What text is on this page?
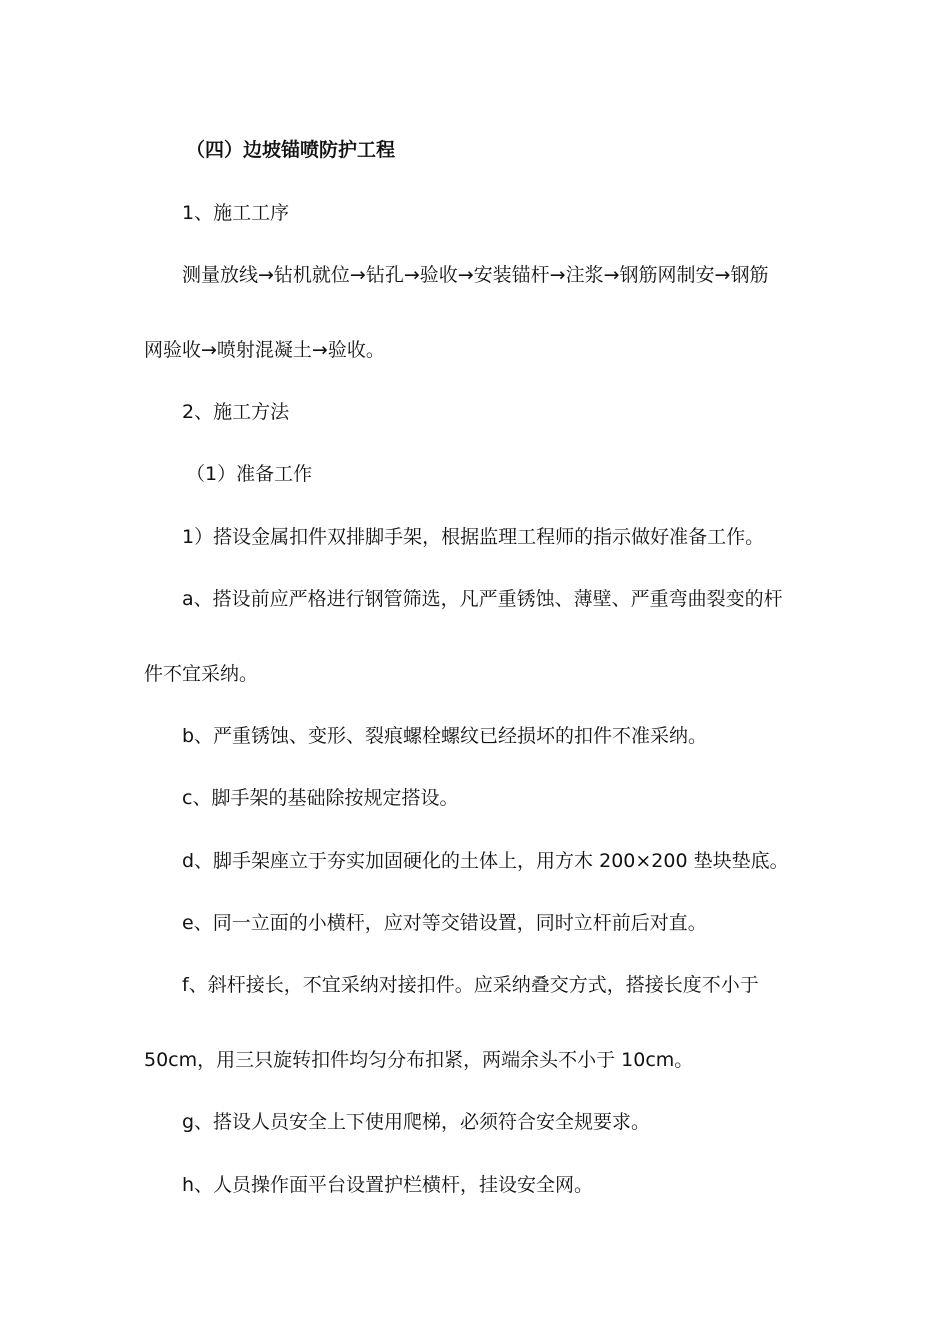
（四）边坡锚喷防护工程
1、施工工序
测量放线→钻机就位→钻孔→验收→安装锚杆→注浆→钢筋网制安→钢筋
网验收→喷射混凝土→验收。
2、施工方法
（1）准备工作
1）搭设金属扣件双排脚手架，根据监理工程师的指示做好准备工作。
a、搭设前应严格进行钢管筛选，凡严重锈蚀、薄壁、严重弯曲裂变的杆
件不宜采纳。
b、严重锈蚀、变形、裂痕螺栓螺纹已经损坏的扣件不准采纳。
c、脚手架的基础除按规定搭设。
d、脚手架座立于夯实加固硬化的土体上，用方木 200×200 垫块垫底。
e、同一立面的小横杆，应对等交错设置，同时立杆前后对直。
f、斜杆接长，不宜采纳对接扣件。应采纳叠交方式，搭接长度不小于
50cm，用三只旋转扣件均匀分布扣紧，两端余头不小于 10cm。
g、搭设人员安全上下使用爬梯，必须符合安全规要求。
h、人员操作面平台设置护栏横杆，挂设安全网。
